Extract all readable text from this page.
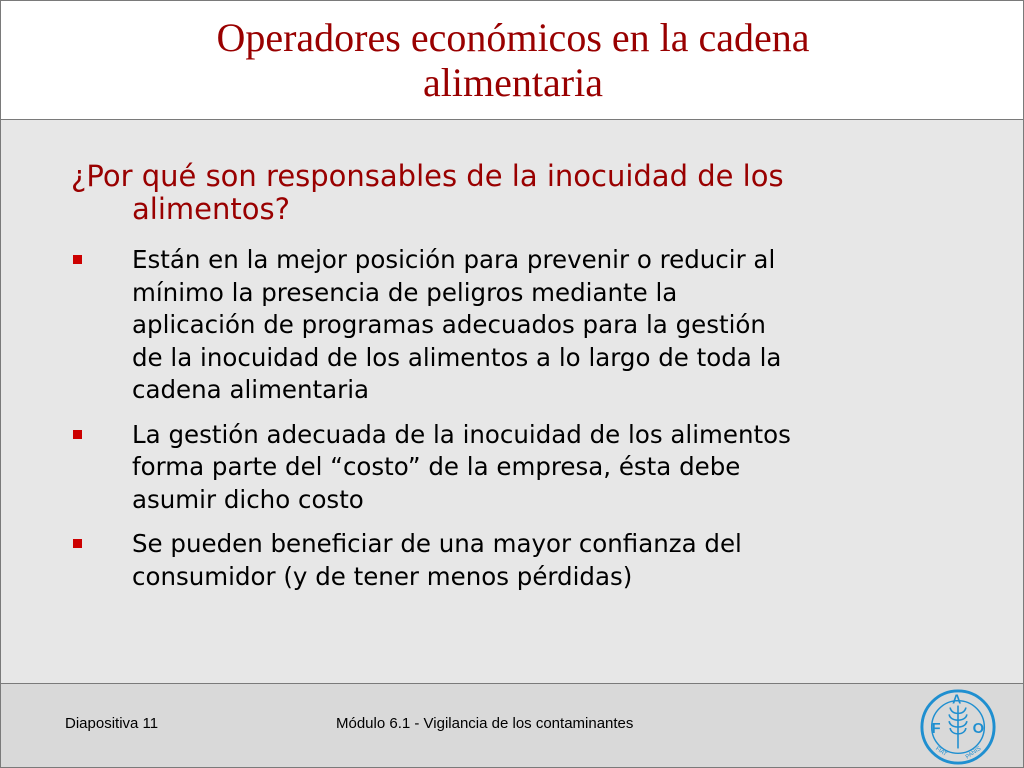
Operadores económicos en la cadena
alimentaria
¿Por qué son responsables de la inocuidad de los
alimentos?
Están en la mejor posición para prevenir o reducir al
mínimo la presencia de peligros mediante la
aplicación de programas adecuados para la gestión
de la inocuidad de los alimentos a lo largo de toda la
cadena alimentaria
La gestión adecuada de la inocuidad de los alimentos
forma parte del “costo” de la empresa, ésta debe
asumir dicho costo
Se pueden beneficiar de una mayor confianza del
consumidor (y de tener menos pérdidas)
Diapositiva 11	Módulo 6.1 - Vigilancia de los contaminantes	F
A
O
FIAT	PANIS
